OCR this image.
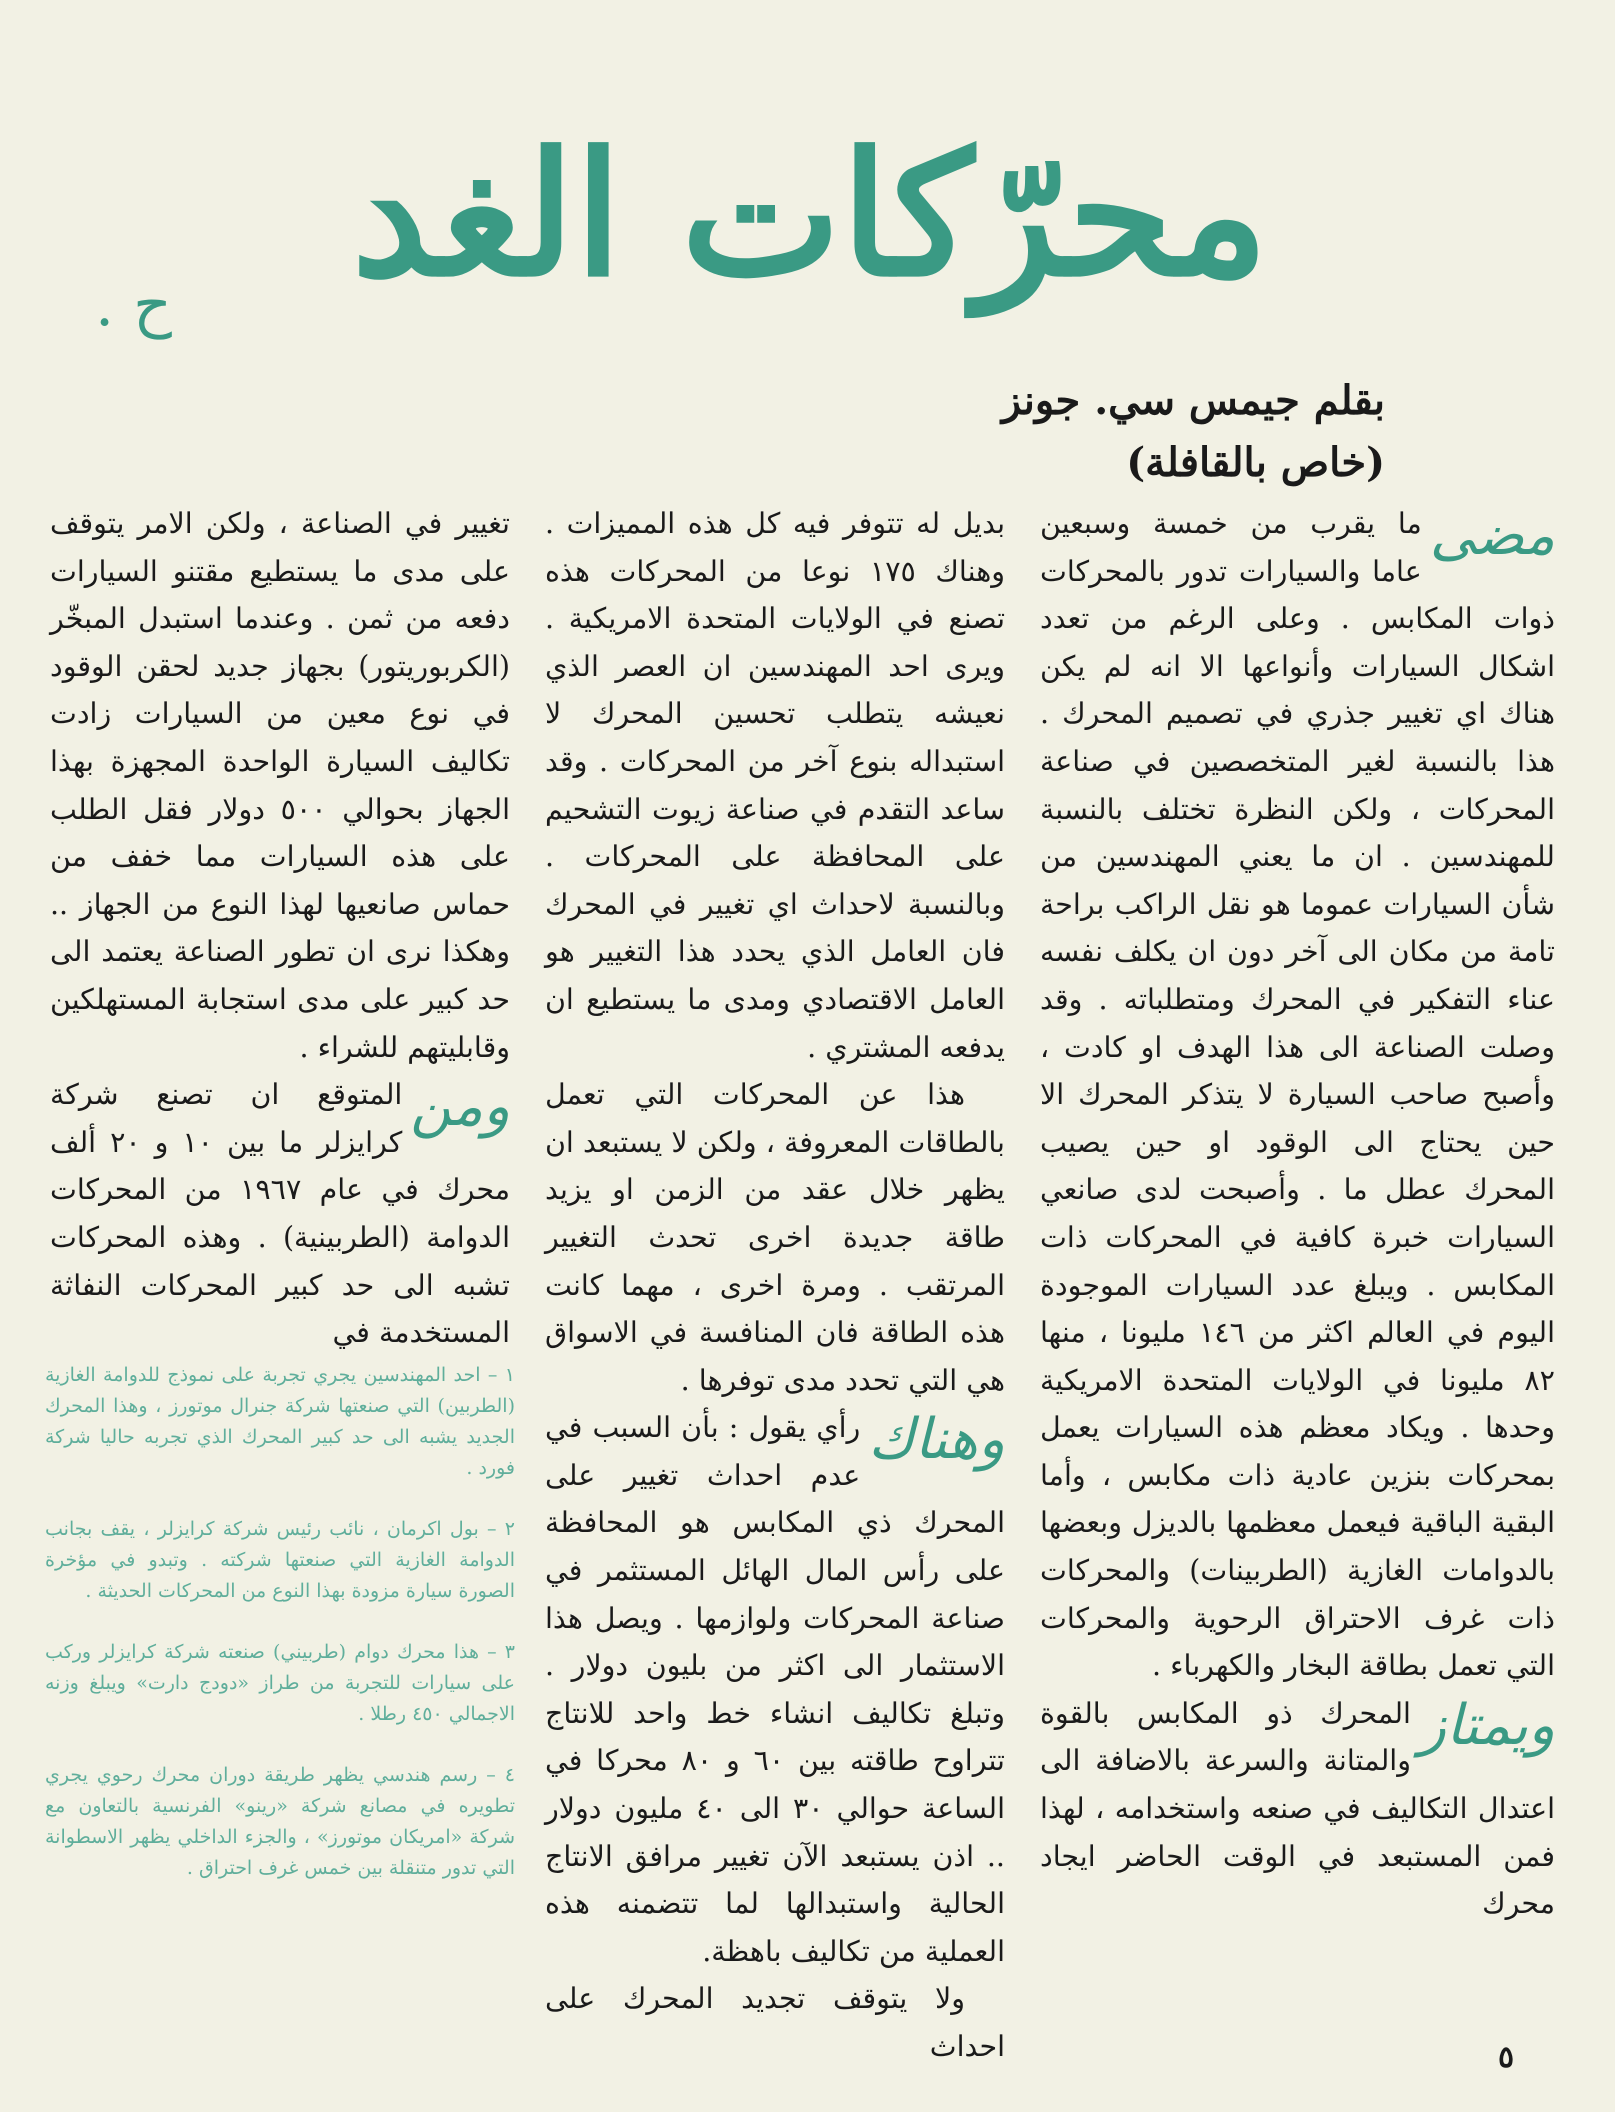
محرّكات الغد
ح .
بقلم جيمس سي. جونز
(خاص بالقافلة)

مضى
ما يقرب من خمسة وسبعين عاما والسيارات تدور بالمحركات ذوات المكابس . وعلى الرغم من تعدد اشكال السيارات وأنواعها الا انه لم يكن هناك اي تغيير جذري في تصميم المحرك . هذا بالنسبة لغير المتخصصين في صناعة المحركات ، ولكن النظرة تختلف بالنسبة للمهندسين . ان ما يعني المهندسين من شأن السيارات عموما هو نقل الراكب براحة تامة من مكان الى آخر دون ان يكلف نفسه عناء التفكير في المحرك ومتطلباته . وقد وصلت الصناعة الى هذا الهدف او كادت ، وأصبح صاحب السيارة لا يتذكر المحرك الا حين يحتاج الى الوقود او حين يصيب المحرك عطل ما . وأصبحت لدى صانعي السيارات خبرة كافية في المحركات ذات المكابس . ويبلغ عدد السيارات الموجودة اليوم في العالم اكثر من ١٤٦ مليونا ، منها ٨٢ مليونا في الولايات المتحدة الامريكية وحدها . ويكاد معظم هذه السيارات يعمل بمحركات بنزين عادية ذات مكابس ، وأما البقية الباقية فيعمل معظمها بالديزل وبعضها بالدوامات الغازية (الطربينات) والمحركات ذات غرف الاحتراق الرحوية والمحركات التي تعمل بطاقة البخار والكهرباء .

ويمتاز
المحرك ذو المكابس بالقوة والمتانة والسرعة بالاضافة الى اعتدال التكاليف في صنعه واستخدامه ، لهذا فمن المستبعد في الوقت الحاضر ايجاد محرك

بديل له تتوفر فيه كل هذه المميزات . وهناك ١٧٥ نوعا من المحركات هذه تصنع في الولايات المتحدة الامريكية . ويرى احد المهندسين ان العصر الذي نعيشه يتطلب تحسين المحرك لا استبداله بنوع آخر من المحركات . وقد ساعد التقدم في صناعة زيوت التشحيم على المحافظة على المحركات . وبالنسبة لاحداث اي تغيير في المحرك فان العامل الذي يحدد هذا التغيير هو العامل الاقتصادي ومدى ما يستطيع ان يدفعه المشتري .

هذا عن المحركات التي تعمل بالطاقات المعروفة ، ولكن لا يستبعد ان يظهر خلال عقد من الزمن او يزيد طاقة جديدة اخرى تحدث التغيير المرتقب . ومرة اخرى ، مهما كانت هذه الطاقة فان المنافسة في الاسواق هي التي تحدد مدى توفرها .

وهناك
رأي يقول : بأن السبب في عدم احداث تغيير على المحرك ذي المكابس هو المحافظة على رأس المال الهائل المستثمر في صناعة المحركات ولوازمها . ويصل هذا الاستثمار الى اكثر من بليون دولار . وتبلغ تكاليف انشاء خط واحد للانتاج تتراوح طاقته بين ٦٠ و ٨٠ محركا في الساعة حوالي ٣٠ الى ٤٠ مليون دولار .. اذن يستبعد الآن تغيير مرافق الانتاج الحالية واستبدالها لما تتضمنه هذه العملية من تكاليف باهظة.

ولا يتوقف تجديد المحرك على احداث

تغيير في الصناعة ، ولكن الامر يتوقف على مدى ما يستطيع مقتنو السيارات دفعه من ثمن . وعندما استبدل المبخّر (الكربوريتور) بجهاز جديد لحقن الوقود في نوع معين من السيارات زادت تكاليف السيارة الواحدة المجهزة بهذا الجهاز بحوالي ٥٠٠ دولار فقل الطلب على هذه السيارات مما خفف من حماس صانعيها لهذا النوع من الجهاز .. وهكذا نرى ان تطور الصناعة يعتمد الى حد كبير على مدى استجابة المستهلكين وقابليتهم للشراء .

ومن
المتوقع ان تصنع شركة كرايزلر ما بين ١٠ و ٢٠ ألف محرك في عام ١٩٦٧ من المحركات الدوامة (الطربينية) . وهذه المحركات تشبه الى حد كبير المحركات النفاثة المستخدمة في

١ – احد المهندسين يجري تجربة على نموذج للدوامة الغازية (الطربين) التي صنعتها شركة جنرال موتورز ، وهذا المحرك الجديد يشبه الى حد كبير المحرك الذي تجربه حاليا شركة فورد .

٢ – بول اكرمان ، نائب رئيس شركة كرايزلر ، يقف بجانب الدوامة الغازية التي صنعتها شركته . وتبدو في مؤخرة الصورة سيارة مزودة بهذا النوع من المحركات الحديثة .

٣ – هذا محرك دوام (طربيني) صنعته شركة كرايزلر وركب على سيارات للتجربة من طراز «دودج دارت» ويبلغ وزنه الاجمالي ٤٥٠ رطلا .

٤ – رسم هندسي يظهر طريقة دوران محرك رحوي يجري تطويره في مصانع شركة «رينو» الفرنسية بالتعاون مع شركة «امريكان موتورز» ، والجزء الداخلي يظهر الاسطوانة التي تدور متنقلة بين خمس غرف احتراق .

٥
